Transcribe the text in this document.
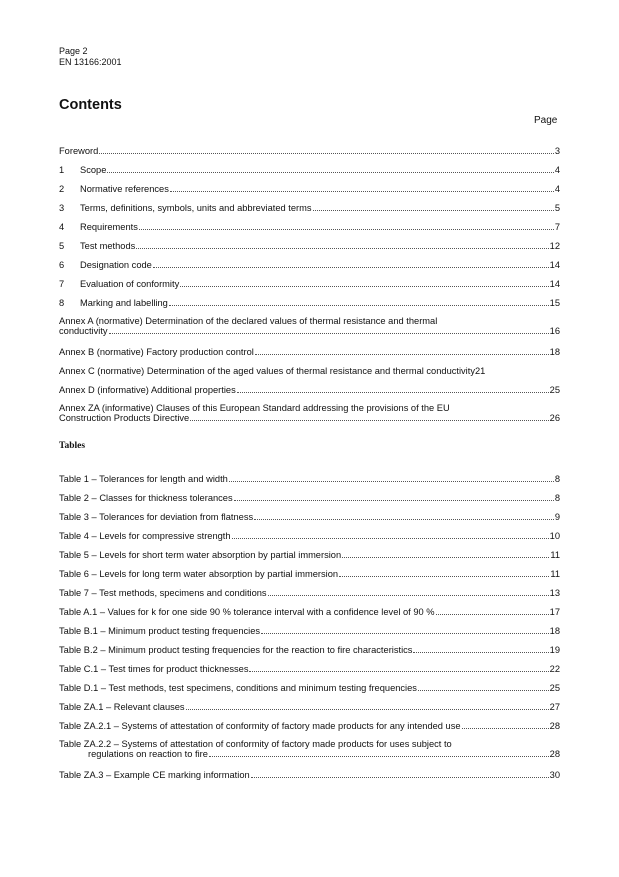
Page 2
EN 13166:2001
Contents
Page
Foreword	3
1	Scope	4
2	Normative references	4
3	Terms, definitions, symbols, units and abbreviated terms	5
4	Requirements	7
5	Test methods	12
6	Designation code	14
7	Evaluation of conformity	14
8	Marking and labelling	15
Annex A (normative) Determination of the declared values of thermal resistance and thermal
conductivity	16
Annex B (normative) Factory production control	18
Annex C (normative) Determination of the aged values of thermal resistance and thermal conductivity 21
Annex D (informative) Additional properties	25
Annex ZA (informative) Clauses of this European Standard addressing the provisions of the EU
Construction Products Directive	26
Tables
Table 1 – Tolerances for length and width	8
Table 2 – Classes for thickness tolerances	8
Table 3 – Tolerances for deviation from flatness	9
Table 4 – Levels for compressive strength	10
Table 5 – Levels for short term water absorption by partial immersion	11
Table 6 – Levels for long term water absorption by partial immersion	11
Table 7 – Test methods, specimens and conditions	13
Table A.1 – Values for k for one side 90 % tolerance interval with a confidence level of 90 %	17
Table B.1 – Minimum product testing frequencies	18
Table B.2 – Minimum product testing frequencies for the reaction to fire characteristics	19
Table C.1 – Test times for product thicknesses	22
Table D.1 – Test methods, test specimens, conditions and minimum testing frequencies	25
Table ZA.1 – Relevant clauses	27
Table ZA.2.1 – Systems of attestation of conformity of factory made products for any intended use	28
Table ZA.2.2 – Systems of attestation of conformity of factory made products for uses subject to
regulations on reaction to fire	28
Table ZA.3 – Example CE marking information	30
